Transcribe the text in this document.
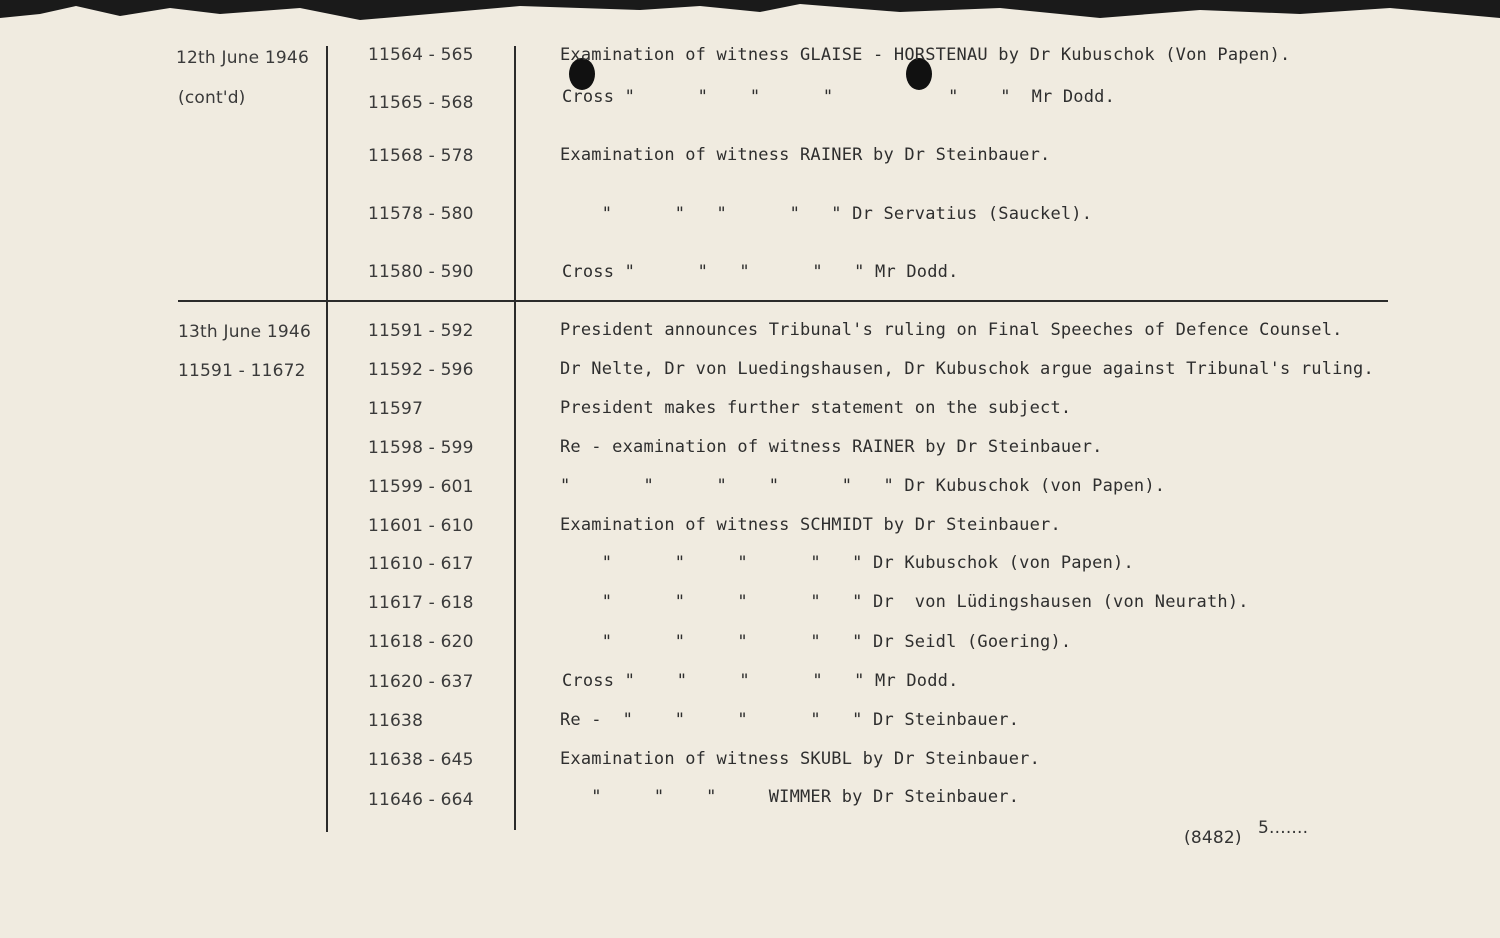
12th June 1946
(cont'd)
11564 - 565	Examination of witness GLAISE - HORSTENAU by Dr Kubuschok (Von Papen).
11565 - 568	Cross "      "    "      "           "    "  Mr Dodd.
11568 - 578	Examination of witness RAINER by Dr Steinbauer.
11578 - 580	"      "   "      "   " Dr Servatius (Sauckel).
11580 - 590	Cross "      "   "      "   " Mr Dodd.
13th June 1946
11591 - 11672
11591 - 592	President announces Tribunal's ruling on Final Speeches of Defence Counsel.
11592 - 596	Dr Nelte, Dr von Luedingshausen, Dr Kubuschok argue against Tribunal's ruling.
11597	President makes further statement on the subject.
11598 - 599	Re - examination of witness RAINER by Dr Steinbauer.
11599 - 601	"       "      "    "      "   " Dr Kubuschok (von Papen).
11601 - 610	Examination of witness SCHMIDT by Dr Steinbauer.
11610 - 617	"      "     "      "   " Dr Kubuschok (von Papen).
11617 - 618	"      "     "      "   " Dr  von Lüdingshausen (von Neurath).
11618 - 620	"      "     "      "   " Dr Seidl (Goering).
11620 - 637	Cross "    "     "      "   " Mr Dodd.
11638	Re -  "    "     "      "   " Dr Steinbauer.
11638 - 645	Examination of witness SKUBL by Dr Steinbauer.
11646 - 664	"     "    "     WIMMER by Dr Steinbauer.
(8482) 5.......
